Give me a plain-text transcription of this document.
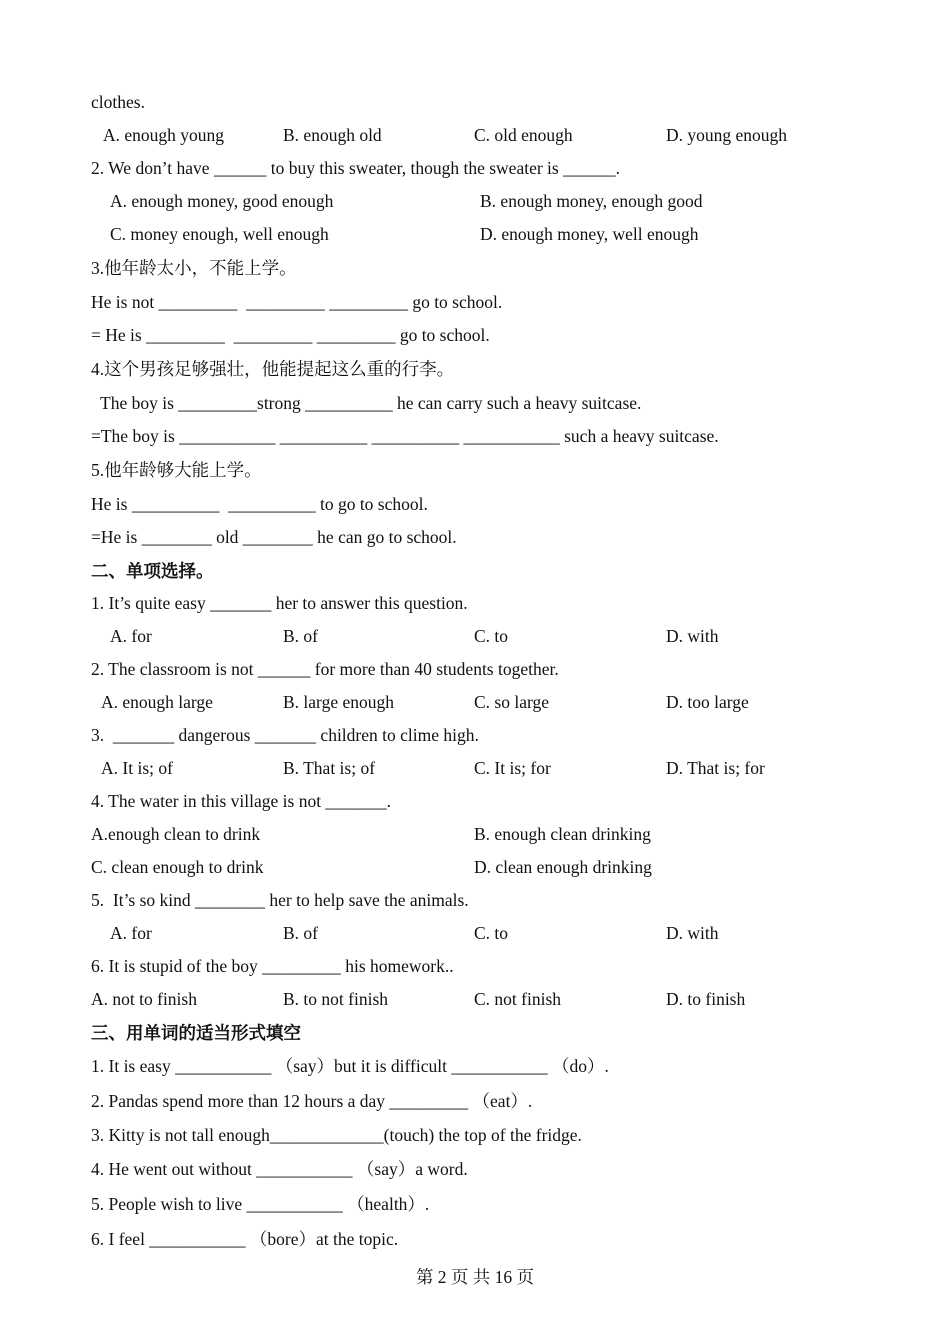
clothes.
A. enough young	B. enough old	C. old enough	D. young enough
2. We don’t have ______ to buy this sweater, though the sweater is ______.
A. enough money, good enough	B. enough money, enough good
C. money enough, well enough	D. enough money, well enough
3.他年龄太小，不能上学。
He is not _________  _________ _________ go to school.
= He is _________  _________ _________ go to school.
4.这个男孩足够强壮，他能提起这么重的行李。
The boy is _________strong __________ he can carry such a heavy suitcase.
=The boy is ___________ __________ __________ ___________ such a heavy suitcase.
5.他年龄够大能上学。
He is __________  __________ to go to school.
=He is ________ old ________ he can go to school.
二、单项选择。
1. It’s quite easy _______ her to answer this question.
A. for	B. of	C. to	D. with
2. The classroom is not ______ for more than 40 students together.
A. enough large	B. large enough	C. so large	D. too large
3.  _______ dangerous _______ children to clime high.
A. It is; of	B. That is; of	C. It is; for	D. That is; for
4. The water in this village is not _______.
A.enough clean to drink	B. enough clean drinking
C. clean enough to drink	D. clean enough drinking
5.  It’s so kind ________ her to help save the animals.
A. for	B. of	C. to	D. with
6. It is stupid of the boy _________ his homework..
A. not to finish	B. to not finish	C. not finish	D. to finish
三、用单词的适当形式填空
1. It is easy ___________ （say）but it is difficult ___________ （do）.
2. Pandas spend more than 12 hours a day _________ （eat）.
3. Kitty is not tall enough_____________(touch) the top of the fridge.
4. He went out without ___________ （say）a word.
5. People wish to live ___________ （health）.
6. I feel ___________ （bore）at the topic.
第 2 页 共 16 页
